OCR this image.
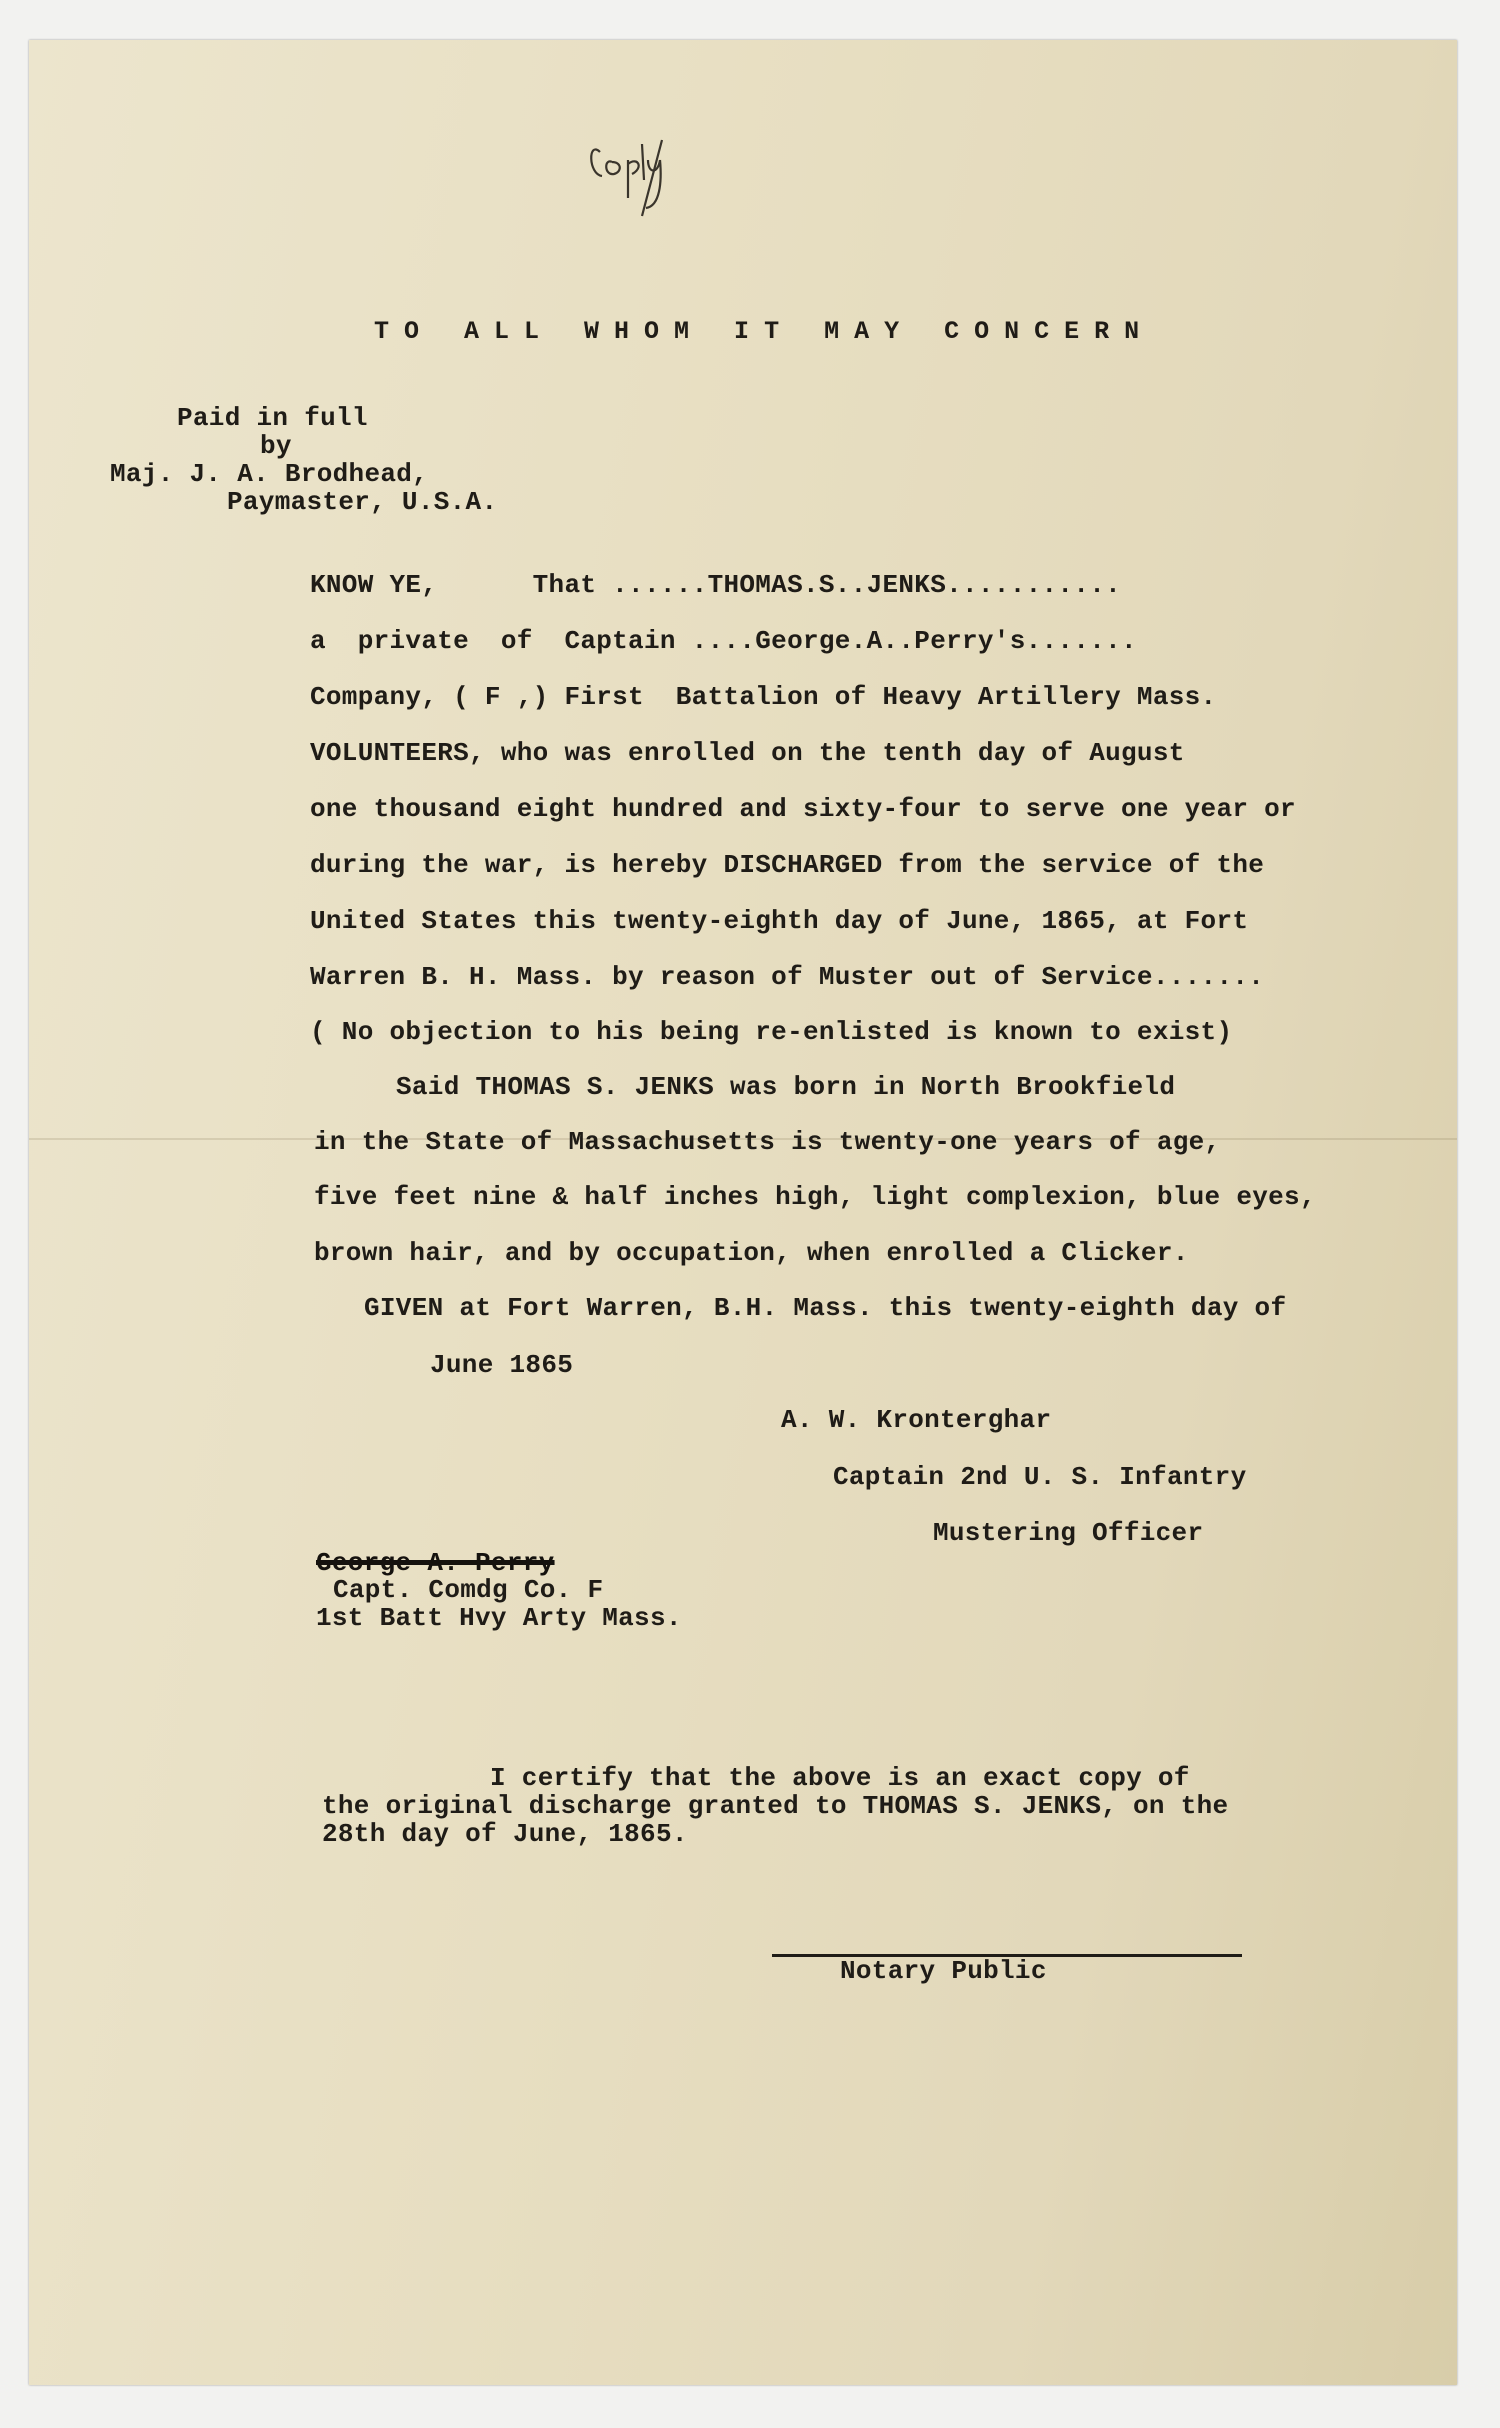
Copy

T O   A L L   W H O M   I T   M A Y   C O N C E R N

Paid in full

by

Maj. J. A. Brodhead,

Paymaster, U.S.A.

KNOW YE,      That ......THOMAS.S..JENKS...........

a  private  of  Captain ....George.A..Perry's.......

Company, ( F ,) First  Battalion of Heavy Artillery Mass.

VOLUNTEERS, who was enrolled on the tenth day of August

one thousand eight hundred and sixty-four to serve one year or

during the war, is hereby DISCHARGED from the service of the

United States this twenty-eighth day of June, 1865, at Fort

Warren B. H. Mass. by reason of Muster out of Service.......

( No objection to his being re-enlisted is known to exist)

Said THOMAS S. JENKS was born in North Brookfield

in the State of Massachusetts is twenty-one years of age,

five feet nine & half inches high, light complexion, blue eyes,

brown hair, and by occupation, when enrolled a Clicker.

GIVEN at Fort Warren, B.H. Mass. this twenty-eighth day of

June 1865

A. W. Kronterghar

Captain 2nd U. S. Infantry

Mustering Officer

George A. Perry

Capt. Comdg Co. F

1st Batt Hvy Arty Mass.

I certify that the above is an exact copy of

the original discharge granted to THOMAS S. JENKS, on the

28th day of June, 1865.

Notary Public
